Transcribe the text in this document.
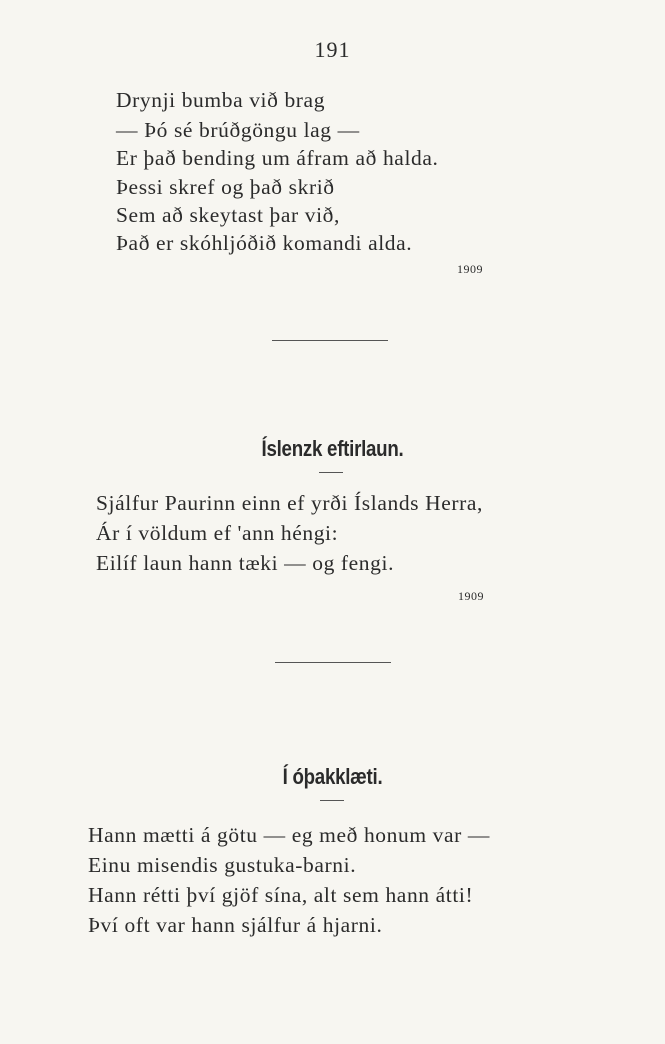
191
Drynji bumba við brag
— Þó sé brúðgöngu lag —
Er það bending um áfram að halda.
Þessi skref og það skrið
Sem að skeytast þar við,
Það er skóhljóðið komandi alda.
1909
Íslenzk eftirlaun.
Sjálfur Paurinn einn ef yrði Íslands Herra,
Ár í völdum ef 'ann héngi:
Eilíf laun hann tæki — og fengi.
1909
Í óþakklæti.
Hann mætti á götu — eg með honum var —
Einu misendis gustuka-barni.
Hann rétti því gjöf sína, alt sem hann átti!
Því oft var hann sjálfur á hjarni.
